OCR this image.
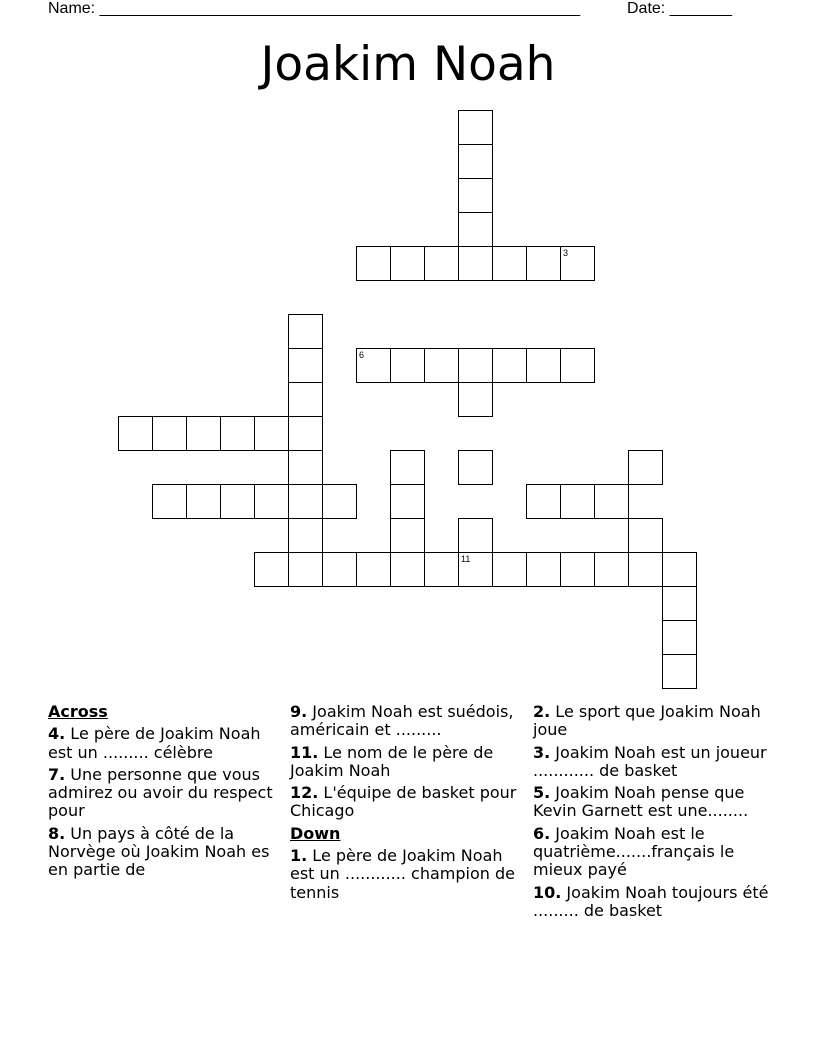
Name: ______________________________________________________	Date: _______
Joakim Noah
11
3
6
Across
4. Le père de Joakim Noah est un ......... célèbre
7. Une personne que vous admirez ou avoir du respect pour
8. Un pays à côté de la Norvège où Joakim Noah es en partie de
9. Joakim Noah est suédois, américain et .........
11. Le nom de le père de Joakim Noah
12. L'équipe de basket pour Chicago
Down
1. Le père de Joakim Noah est un ............ champion de tennis
2. Le sport que Joakim Noah joue
3. Joakim Noah est un joueur ............ de basket
5. Joakim Noah pense que Kevin Garnett est une........
6. Joakim Noah est le quatrième.......français le mieux payé
10. Joakim Noah toujours été ......... de basket
